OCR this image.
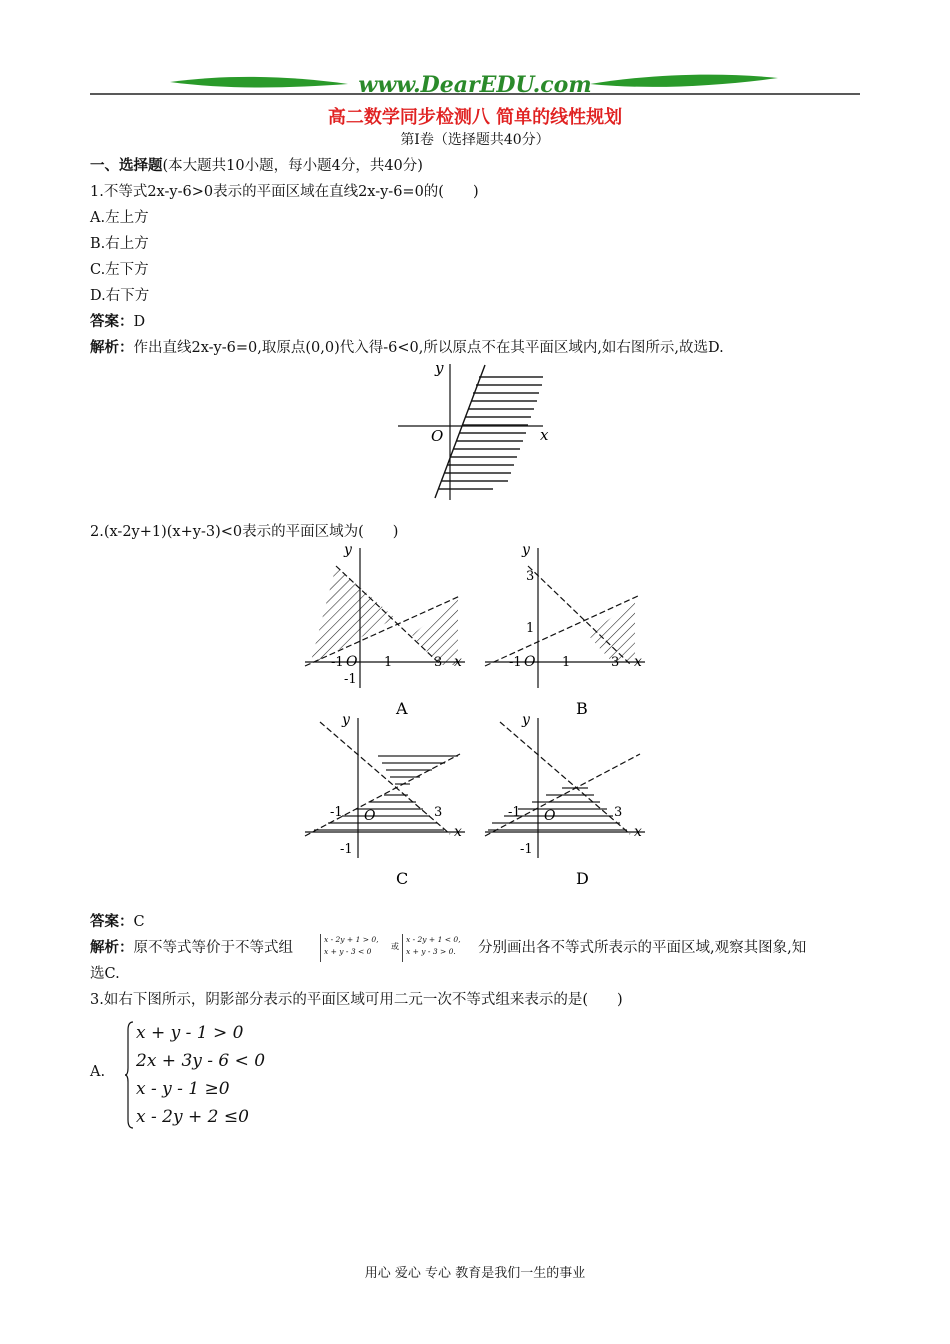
www.DearEDU.com
高二数学同步检测八 简单的线性规划
第Ⅰ卷（选择题共40分）
一、选择题(本大题共10小题，每小题4分，共40分)
1.不等式2x-y-6>0表示的平面区域在直线2x-y-6=0的(　　)
A.左上方
B.右上方
C.左下方
D.右下方
答案：D
解析：作出直线2x-y-6=0,取原点(0,0)代入得-6<0,所以原点不在其平面区域内,如右图所示,故选D.
y
x
O
2.(x-2y+1)(x+y-3)<0表示的平面区域为(　　)
y
x
-1 O 1	3
-1
A
y
x
-1 O 1	3
1
3
B
y
x
-1 O	3
-1
C
y
x
-1 O	3
-1
D
答案：C
解析：原不等式等价于不等式组
x - 2y + 1 > 0,
x + y - 3 < 0
或
x - 2y + 1 < 0,
x + y - 3 > 0.	分别画出各不等式所表示的平面区域,观察其图象,知
选C.
3.如右下图所示，阴影部分表示的平面区域可用二元一次不等式组来表示的是(　　)
A.
x + y - 1 > 0
2x + 3y - 6 < 0
x - y - 1 ≥0
x - 2y + 2 ≤0
用心 爱心 专心 教育是我们一生的事业
